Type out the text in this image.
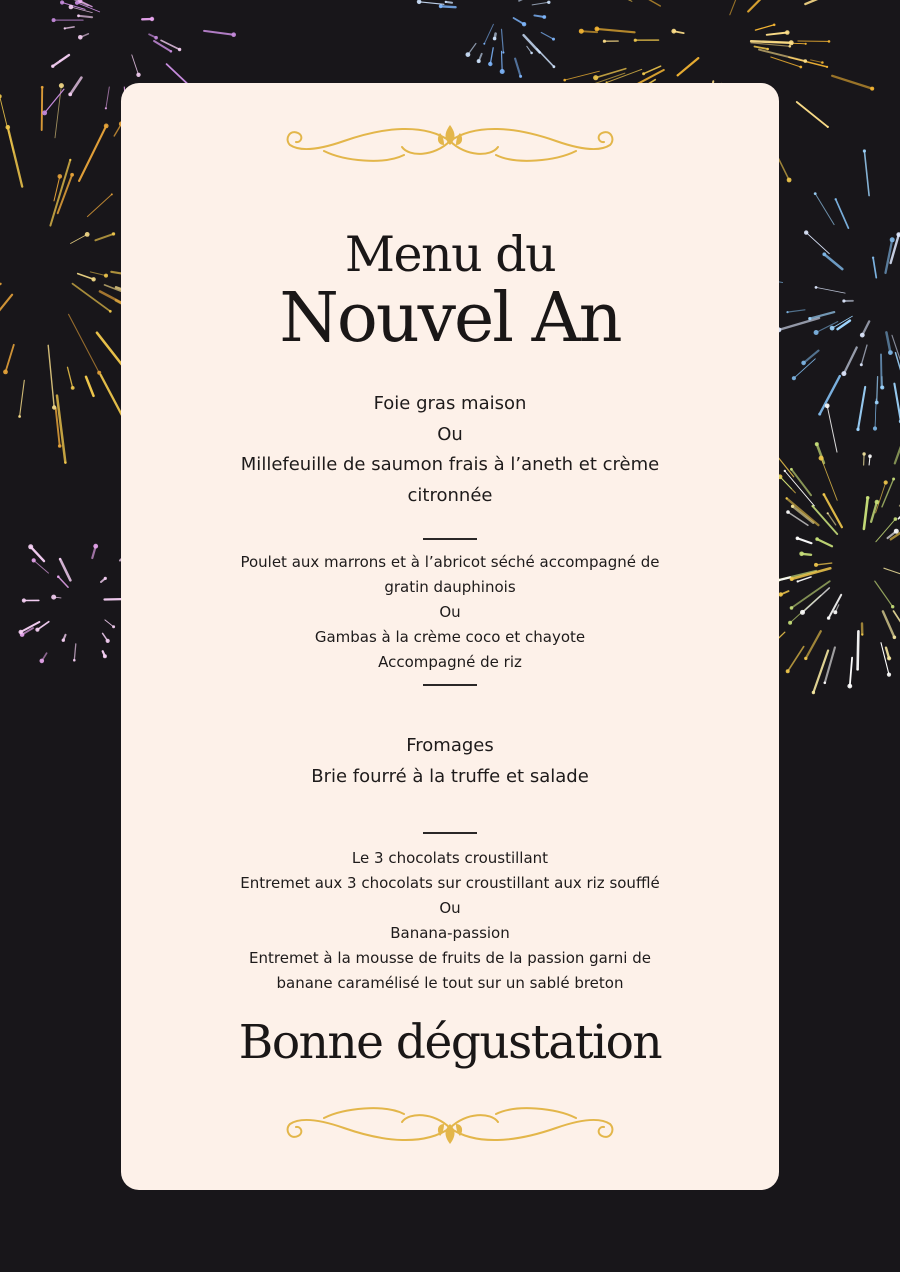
Menu du
Nouvel An

Foie gras maison

Ou

Millefeuille de saumon frais à l’aneth et crème

citronnée

Poulet aux marrons et à l’abricot séché accompagné de

gratin dauphinois

Ou

Gambas à la crème coco et chayote

Accompagné de riz

Fromages

Brie fourré à la truffe et salade

Le 3 chocolats croustillant

Entremet aux 3 chocolats sur croustillant aux riz soufflé

Ou

Banana-passion

Entremet à la mousse de fruits de la passion garni de

banane caramélisé le tout sur un sablé breton

Bonne dégustation
